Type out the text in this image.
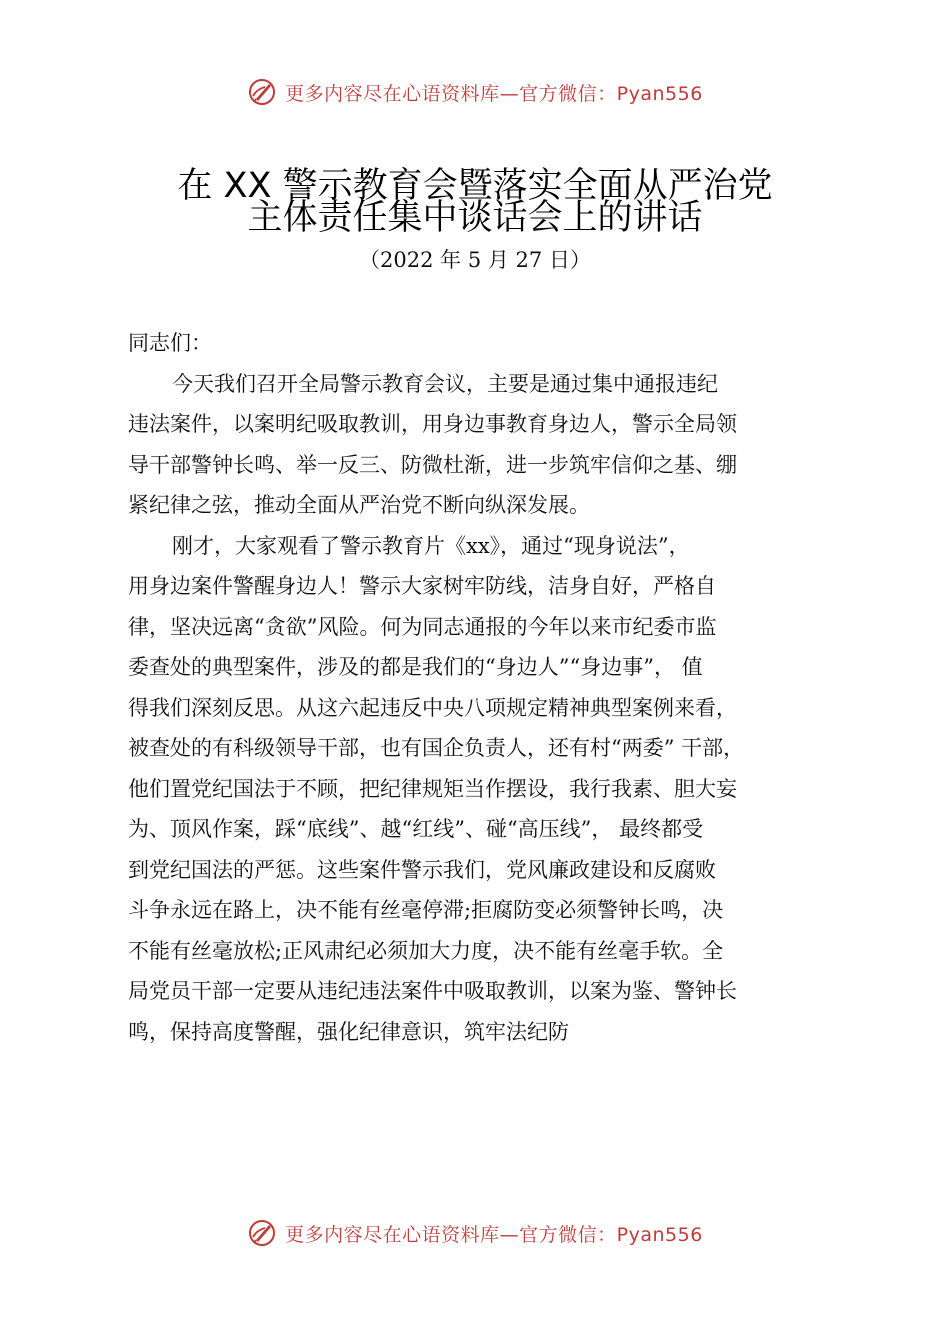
更多内容尽在心语资料库—官方微信：Pyan556
在 XX 警示教育会暨落实全面从严治党
主体责任集中谈话会上的讲话
（2022 年 5 月 27 日）
同志们：
今天我们召开全局警示教育会议，主要是通过集中通报违纪
违法案件，以案明纪吸取教训，用身边事教育身边人，警示全局领
导干部警钟长鸣、举一反三、防微杜渐，进一步筑牢信仰之基、绷
紧纪律之弦，推动全面从严治党不断向纵深发展。
刚才，大家观看了警示教育片《xx》，通过“现身说法”，
用身边案件警醒身边人！警示大家树牢防线，洁身自好，严格自
律，坚决远离“贪欲”风险。何为同志通报的今年以来市纪委市监
委查处的典型案件，涉及的都是我们的“身边人”“身边事”， 值
得我们深刻反思。从这六起违反中央八项规定精神典型案例来看，
被查处的有科级领导干部，也有国企负责人，还有村“两委” 干部，
他们置党纪国法于不顾，把纪律规矩当作摆设，我行我素、胆大妄
为、顶风作案，踩“底线”、越“红线”、碰“高压线”， 最终都受
到党纪国法的严惩。这些案件警示我们，党风廉政建设和反腐败
斗争永远在路上，决不能有丝毫停滞;拒腐防变必须警钟长鸣，决
不能有丝毫放松;正风肃纪必须加大力度，决不能有丝毫手软。全
局党员干部一定要从违纪违法案件中吸取教训，以案为鉴、警钟长
鸣，保持高度警醒，强化纪律意识，筑牢法纪防
更多内容尽在心语资料库—官方微信：Pyan556
